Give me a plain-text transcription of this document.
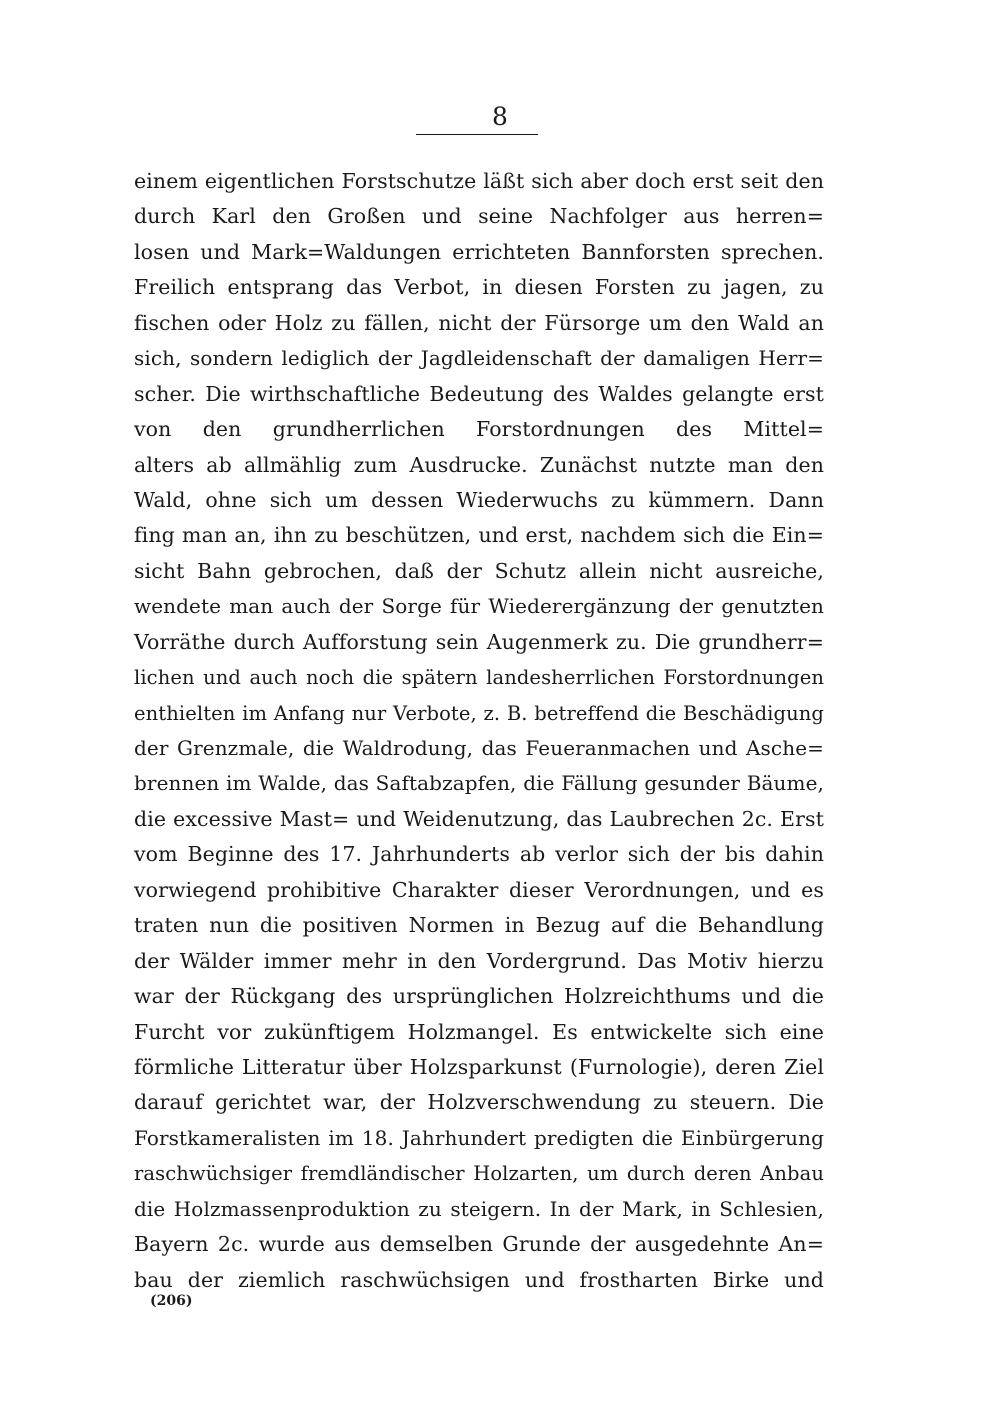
8
einem eigentlichen Forstschutze läßt sich aber doch erst seit den
durch Karl den Großen und seine Nachfolger aus herren=
losen und Mark=Waldungen errichteten Bannforsten sprechen.
Freilich entsprang das Verbot, in diesen Forsten zu jagen, zu
fischen oder Holz zu fällen, nicht der Fürsorge um den Wald an
sich, sondern lediglich der Jagdleidenschaft der damaligen Herr=
scher. Die wirthschaftliche Bedeutung des Waldes gelangte erst
von den grundherrlichen Forstordnungen des Mittel=
alters ab allmählig zum Ausdrucke. Zunächst nutzte man den
Wald, ohne sich um dessen Wiederwuchs zu kümmern. Dann
fing man an, ihn zu beschützen, und erst, nachdem sich die Ein=
sicht Bahn gebrochen, daß der Schutz allein nicht ausreiche,
wendete man auch der Sorge für Wiederergänzung der genutzten
Vorräthe durch Aufforstung sein Augenmerk zu. Die grundherr=
lichen und auch noch die spätern landesherrlichen Forstordnungen
enthielten im Anfang nur Verbote, z. B. betreffend die Beschädigung
der Grenzmale, die Waldrodung, das Feueranmachen und Asche=
brennen im Walde, das Saftabzapfen, die Fällung gesunder Bäume,
die excessive Mast= und Weidenutzung, das Laubrechen 2c. Erst
vom Beginne des 17. Jahrhunderts ab verlor sich der bis dahin
vorwiegend prohibitive Charakter dieser Verordnungen, und es
traten nun die positiven Normen in Bezug auf die Behandlung
der Wälder immer mehr in den Vordergrund. Das Motiv hierzu
war der Rückgang des ursprünglichen Holzreichthums und die
Furcht vor zukünftigem Holzmangel. Es entwickelte sich eine
förmliche Litteratur über Holzsparkunst (Furnologie), deren Ziel
darauf gerichtet war, der Holzverschwendung zu steuern. Die
Forstkameralisten im 18. Jahrhundert predigten die Einbürgerung
raschwüchsiger fremdländischer Holzarten, um durch deren Anbau
die Holzmassenproduktion zu steigern. In der Mark, in Schlesien,
Bayern 2c. wurde aus demselben Grunde der ausgedehnte An=
bau der ziemlich raschwüchsigen und frostharten Birke und
(206)
